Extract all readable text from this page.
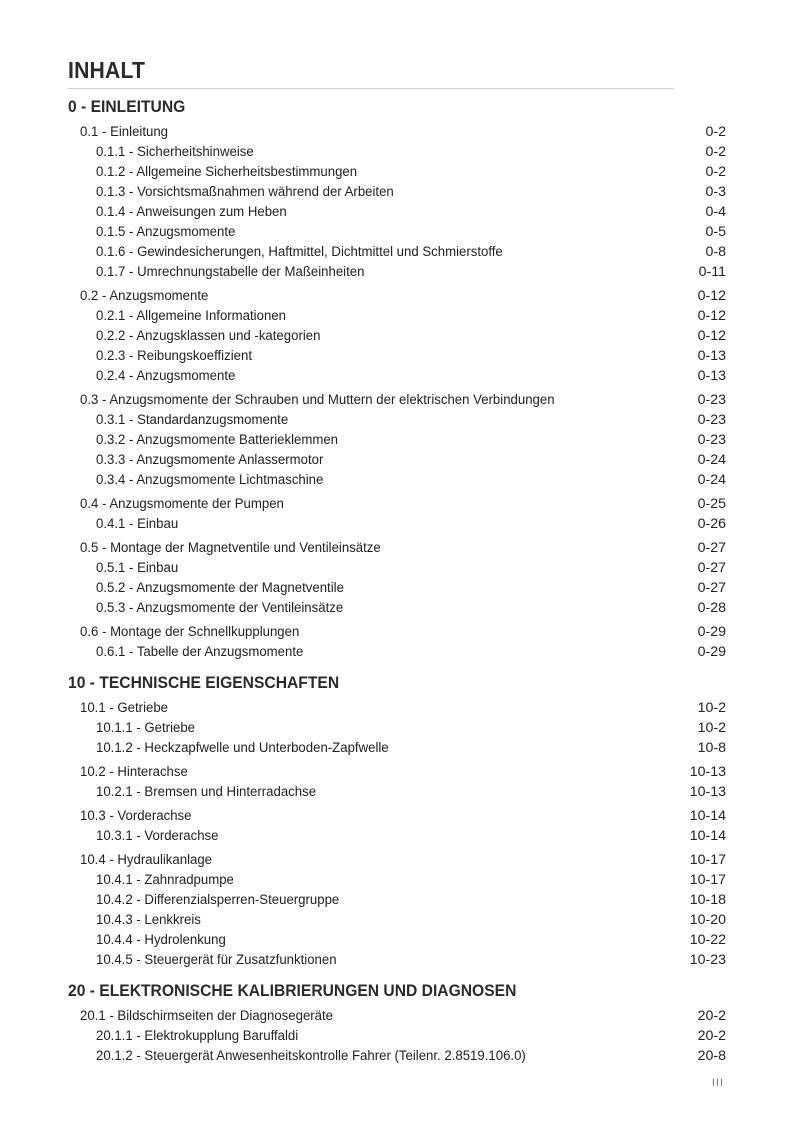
INHALT
0 - EINLEITUNG
0.1 - Einleitung	0-2
0.1.1 - Sicherheitshinweise	0-2
0.1.2 - Allgemeine Sicherheitsbestimmungen	0-2
0.1.3 - Vorsichtsmaßnahmen während der Arbeiten	0-3
0.1.4 - Anweisungen zum Heben	0-4
0.1.5 - Anzugsmomente	0-5
0.1.6 - Gewindesicherungen, Haftmittel, Dichtmittel und Schmierstoffe	0-8
0.1.7 - Umrechnungstabelle der Maßeinheiten	0-11
0.2 - Anzugsmomente	0-12
0.2.1 - Allgemeine Informationen	0-12
0.2.2 - Anzugsklassen und -kategorien	0-12
0.2.3 - Reibungskoeffizient	0-13
0.2.4 - Anzugsmomente	0-13
0.3 - Anzugsmomente der Schrauben und Muttern der elektrischen Verbindungen	0-23
0.3.1 - Standardanzugsmomente	0-23
0.3.2 - Anzugsmomente Batterieklemmen	0-23
0.3.3 - Anzugsmomente Anlassermotor	0-24
0.3.4 - Anzugsmomente Lichtmaschine	0-24
0.4 - Anzugsmomente der Pumpen	0-25
0.4.1 - Einbau	0-26
0.5 - Montage der Magnetventile und Ventileinsätze	0-27
0.5.1 - Einbau	0-27
0.5.2 - Anzugsmomente der Magnetventile	0-27
0.5.3 - Anzugsmomente der Ventileinsätze	0-28
0.6 - Montage der Schnellkupplungen	0-29
0.6.1 - Tabelle der Anzugsmomente	0-29
10 - TECHNISCHE EIGENSCHAFTEN
10.1 - Getriebe	10-2
10.1.1 - Getriebe	10-2
10.1.2 - Heckzapfwelle und Unterboden-Zapfwelle	10-8
10.2 - Hinterachse	10-13
10.2.1 - Bremsen und Hinterradachse	10-13
10.3 - Vorderachse	10-14
10.3.1 - Vorderachse	10-14
10.4 - Hydraulikanlage	10-17
10.4.1 - Zahnradpumpe	10-17
10.4.2 - Differenzialsperren-Steuergruppe	10-18
10.4.3 - Lenkkreis	10-20
10.4.4 - Hydrolenkung	10-22
10.4.5 - Steuergerät für Zusatzfunktionen	10-23
20 - ELEKTRONISCHE KALIBRIERUNGEN UND DIAGNOSEN
20.1 - Bildschirmseiten der Diagnosegeräte	20-2
20.1.1 - Elektrokupplung Baruffaldi	20-2
20.1.2 - Steuergerät Anwesenheitskontrolle Fahrer (Teilenr. 2.8519.106.0)	20-8
III
